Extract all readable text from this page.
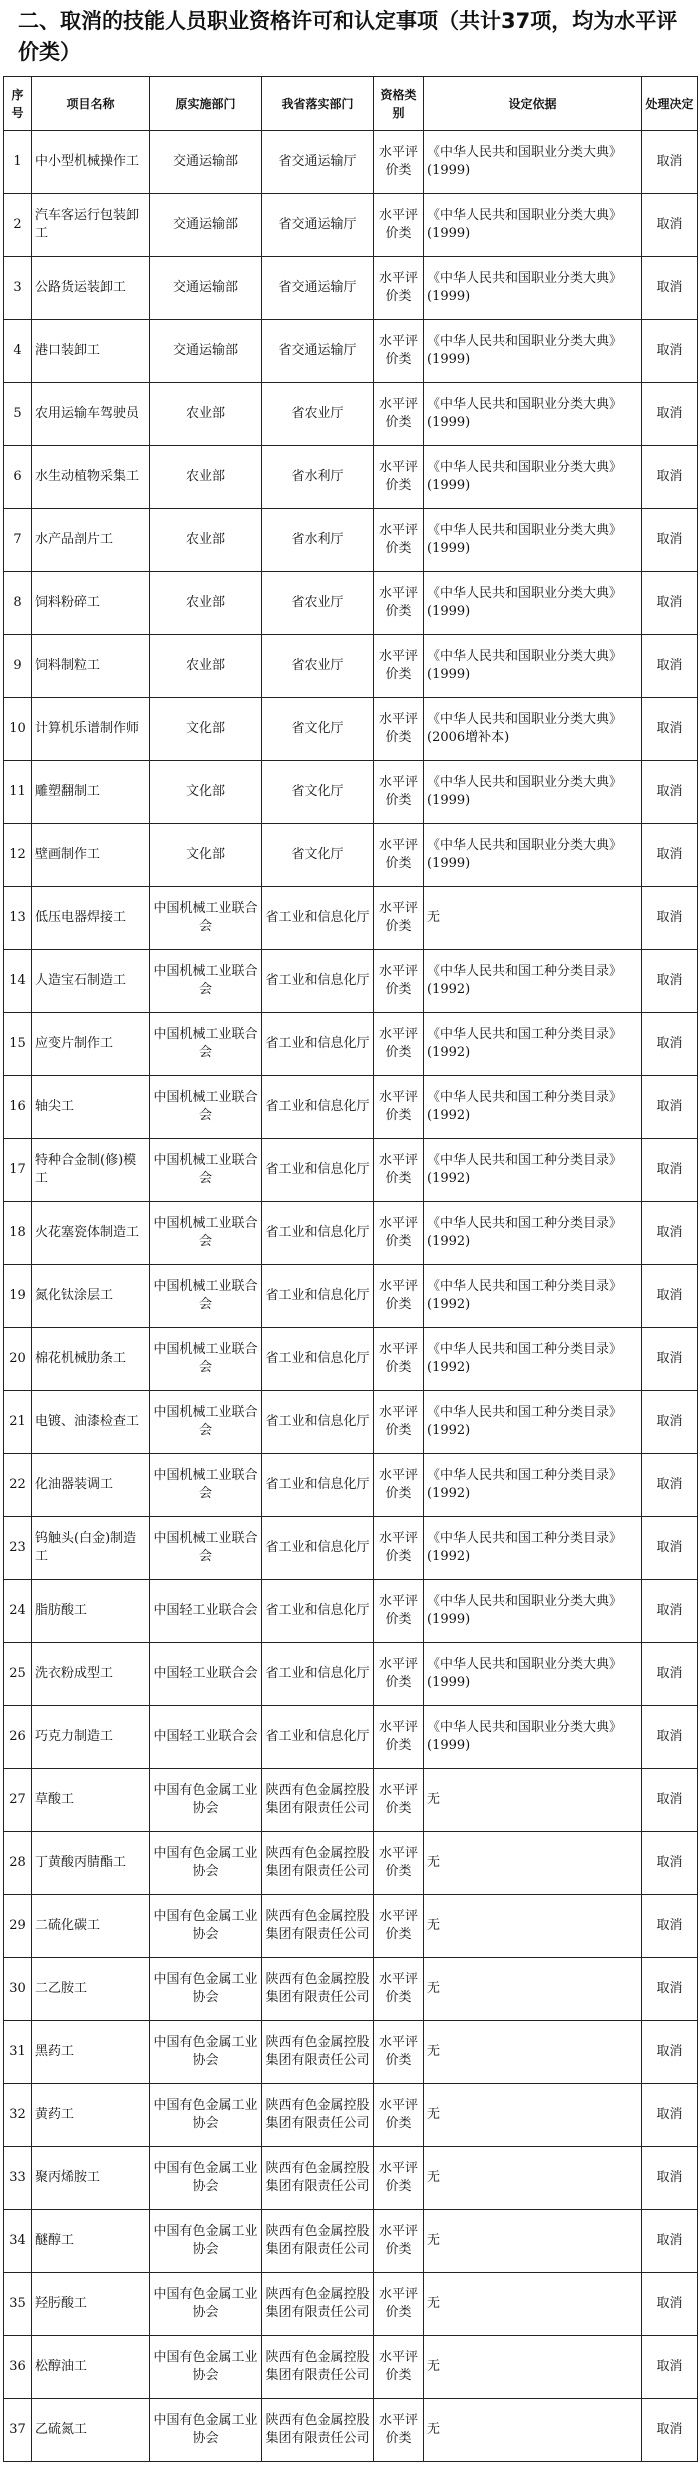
二、取消的技能人员职业资格许可和认定事项（共计37项，均为水平评价类）
序号	项目名称	原实施部门	我省落实部门	资格类别	设定依据	处理决定
1	中小型机械操作工	交通运输部	省交通运输厅	水平评价类	《中华人民共和国职业分类大典》(1999)	取消
2	汽车客运行包装卸工	交通运输部	省交通运输厅	水平评价类	《中华人民共和国职业分类大典》(1999)	取消
3	公路货运装卸工	交通运输部	省交通运输厅	水平评价类	《中华人民共和国职业分类大典》(1999)	取消
4	港口装卸工	交通运输部	省交通运输厅	水平评价类	《中华人民共和国职业分类大典》(1999)	取消
5	农用运输车驾驶员	农业部	省农业厅	水平评价类	《中华人民共和国职业分类大典》(1999)	取消
6	水生动植物采集工	农业部	省水利厅	水平评价类	《中华人民共和国职业分类大典》(1999)	取消
7	水产品剖片工	农业部	省水利厅	水平评价类	《中华人民共和国职业分类大典》(1999)	取消
8	饲料粉碎工	农业部	省农业厅	水平评价类	《中华人民共和国职业分类大典》(1999)	取消
9	饲料制粒工	农业部	省农业厅	水平评价类	《中华人民共和国职业分类大典》(1999)	取消
10	计算机乐谱制作师	文化部	省文化厅	水平评价类	《中华人民共和国职业分类大典》(2006增补本)	取消
11	雕塑翻制工	文化部	省文化厅	水平评价类	《中华人民共和国职业分类大典》(1999)	取消
12	壁画制作工	文化部	省文化厅	水平评价类	《中华人民共和国职业分类大典》(1999)	取消
13	低压电器焊接工	中国机械工业联合会	省工业和信息化厅	水平评价类	无	取消
14	人造宝石制造工	中国机械工业联合会	省工业和信息化厅	水平评价类	《中华人民共和国工种分类目录》(1992)	取消
15	应变片制作工	中国机械工业联合会	省工业和信息化厅	水平评价类	《中华人民共和国工种分类目录》(1992)	取消
16	轴尖工	中国机械工业联合会	省工业和信息化厅	水平评价类	《中华人民共和国工种分类目录》(1992)	取消
17	特种合金制(修)模工	中国机械工业联合会	省工业和信息化厅	水平评价类	《中华人民共和国工种分类目录》(1992)	取消
18	火花塞瓷体制造工	中国机械工业联合会	省工业和信息化厅	水平评价类	《中华人民共和国工种分类目录》(1992)	取消
19	氮化钛涂层工	中国机械工业联合会	省工业和信息化厅	水平评价类	《中华人民共和国工种分类目录》(1992)	取消
20	棉花机械肋条工	中国机械工业联合会	省工业和信息化厅	水平评价类	《中华人民共和国工种分类目录》(1992)	取消
21	电镀、油漆检查工	中国机械工业联合会	省工业和信息化厅	水平评价类	《中华人民共和国工种分类目录》(1992)	取消
22	化油器装调工	中国机械工业联合会	省工业和信息化厅	水平评价类	《中华人民共和国工种分类目录》(1992)	取消
23	钨触头(白金)制造工	中国机械工业联合会	省工业和信息化厅	水平评价类	《中华人民共和国工种分类目录》(1992)	取消
24	脂肪酸工	中国轻工业联合会	省工业和信息化厅	水平评价类	《中华人民共和国职业分类大典》(1999)	取消
25	洗衣粉成型工	中国轻工业联合会	省工业和信息化厅	水平评价类	《中华人民共和国职业分类大典》(1999)	取消
26	巧克力制造工	中国轻工业联合会	省工业和信息化厅	水平评价类	《中华人民共和国职业分类大典》(1999)	取消
27	草酸工	中国有色金属工业协会	陕西有色金属控股集团有限责任公司	水平评价类	无	取消
28	丁黄酸丙腈酯工	中国有色金属工业协会	陕西有色金属控股集团有限责任公司	水平评价类	无	取消
29	二硫化碳工	中国有色金属工业协会	陕西有色金属控股集团有限责任公司	水平评价类	无	取消
30	二乙胺工	中国有色金属工业协会	陕西有色金属控股集团有限责任公司	水平评价类	无	取消
31	黑药工	中国有色金属工业协会	陕西有色金属控股集团有限责任公司	水平评价类	无	取消
32	黄药工	中国有色金属工业协会	陕西有色金属控股集团有限责任公司	水平评价类	无	取消
33	聚丙烯胺工	中国有色金属工业协会	陕西有色金属控股集团有限责任公司	水平评价类	无	取消
34	醚醇工	中国有色金属工业协会	陕西有色金属控股集团有限责任公司	水平评价类	无	取消
35	羟肟酸工	中国有色金属工业协会	陕西有色金属控股集团有限责任公司	水平评价类	无	取消
36	松醇油工	中国有色金属工业协会	陕西有色金属控股集团有限责任公司	水平评价类	无	取消
37	乙硫氮工	中国有色金属工业协会	陕西有色金属控股集团有限责任公司	水平评价类	无	取消
